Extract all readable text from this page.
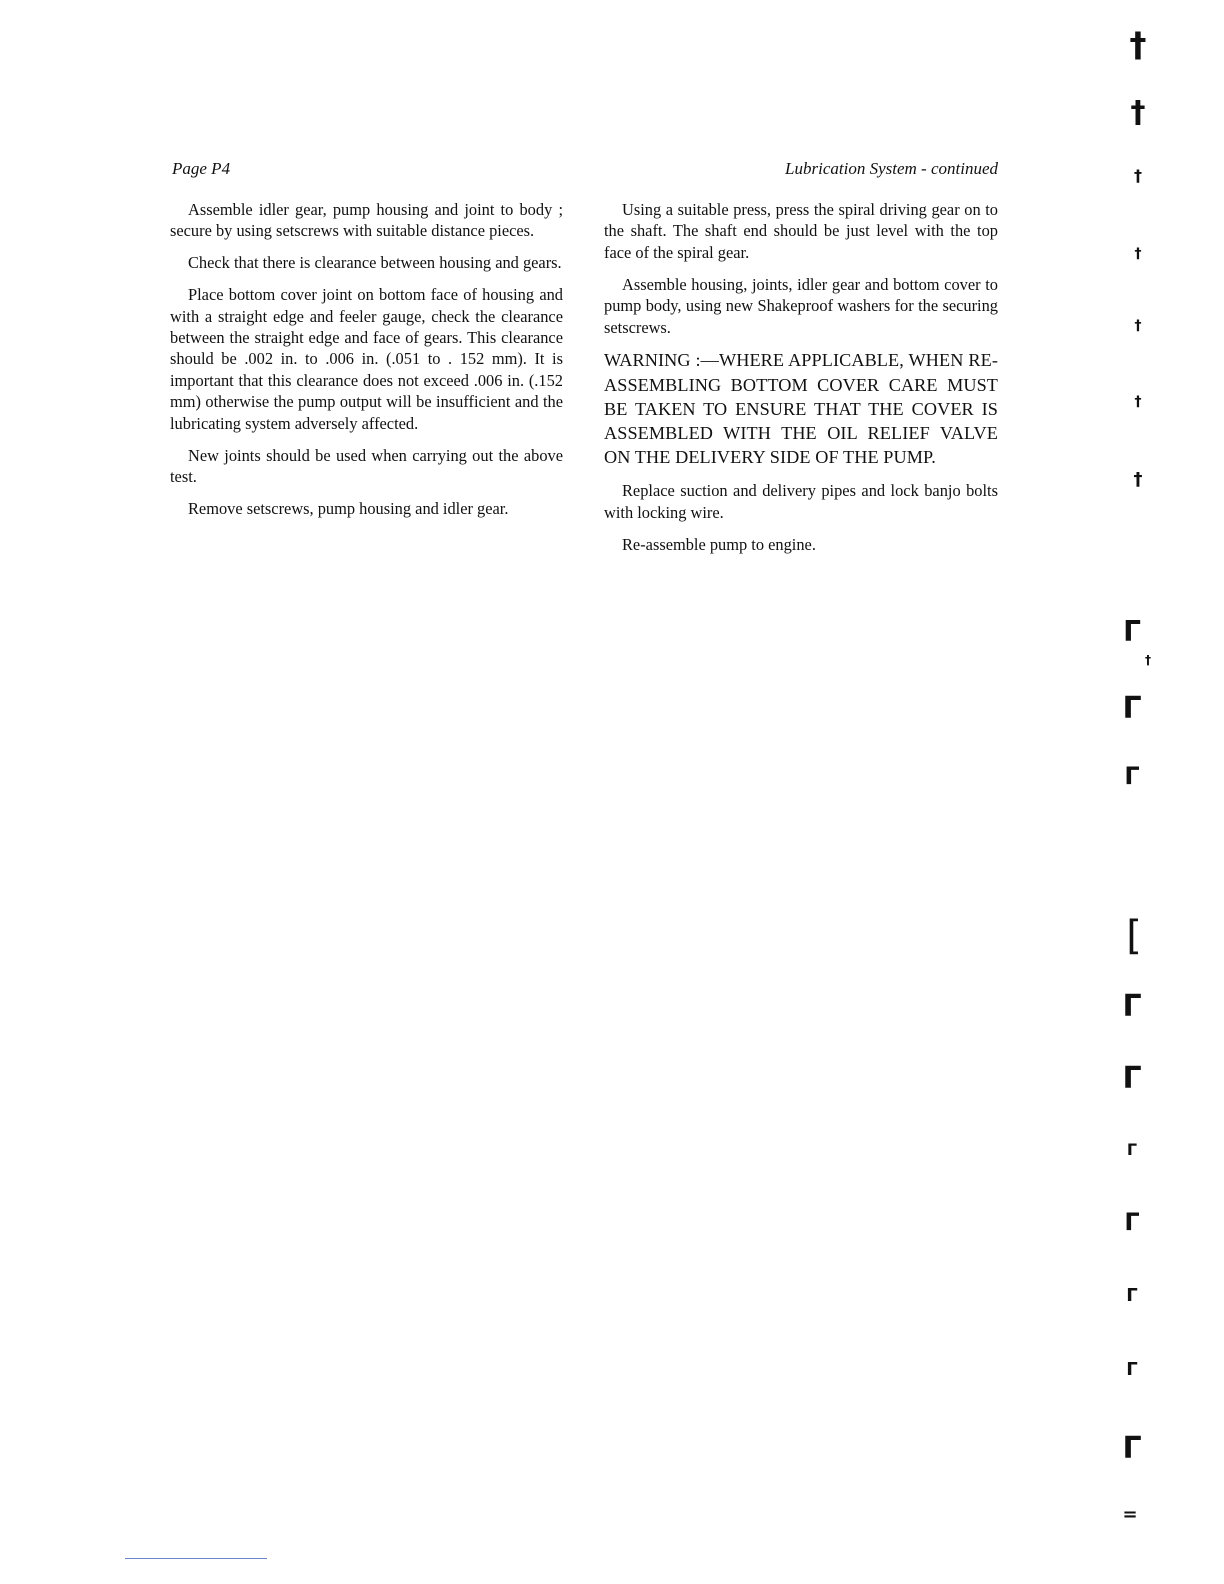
Page P4	Lubrication System - continued

Assemble idler gear, pump housing and joint to body ; secure by using setscrews with suitable distance pieces.

Check that there is clearance between housing and gears.

Place bottom cover joint on bottom face of housing and with a straight edge and feeler gauge, check the clearance between the straight edge and face of gears. This clearance should be .002 in. to .006 in. (.051 to . 152 mm). It is important that this clearance does not exceed .006 in. (.152 mm) otherwise the pump output will be insufficient and the lubricating system adversely affected.

New joints should be used when carrying out the above test.

Remove setscrews, pump housing and idler gear.

Using a suitable press, press the spiral driving gear on to the shaft. The shaft end should be just level with the top face of the spiral gear.

Assemble housing, joints, idler gear and bottom cover to pump body, using new Shakeproof washers for the securing setscrews.

WARNING :—WHERE APPLICABLE, WHEN RE-ASSEMBLING BOTTOM COVER CARE MUST BE TAKEN TO ENSURE THAT THE COVER IS ASSEMBLED WITH THE OIL RELIEF VALVE ON THE DELIVERY SIDE OF THE PUMP.

Replace suction and delivery pipes and lock banjo bolts with locking wire.

Re-assemble pump to engine.

†
†
†
†
†
†
†
†
Γ
Γ
Γ
[
Γ
Γ
Γ
Γ
Γ
Γ
Γ
=
